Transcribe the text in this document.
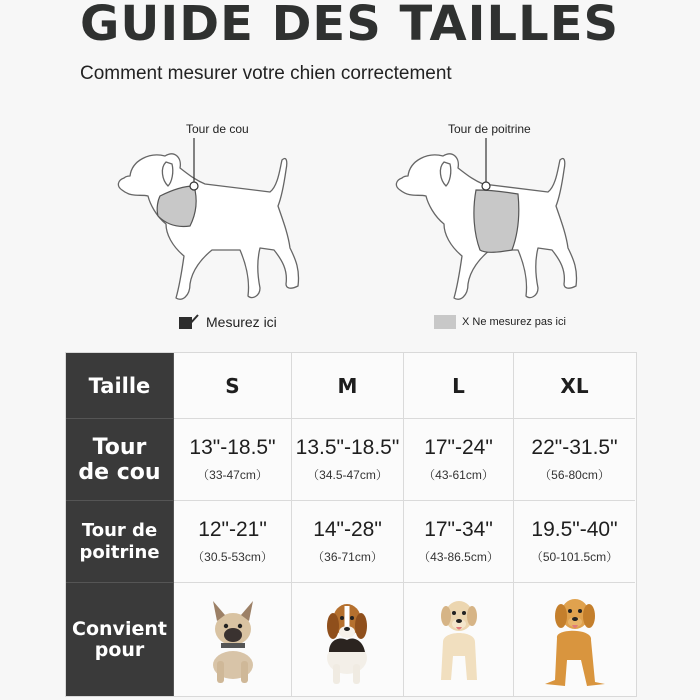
GUIDE DES TAILLES
Comment mesurer votre chien correctement
Tour de cou	Tour de poitrine
Mesurez ici	X Ne mesurez pas ici
Taille
Tour
de cou
Tour de
poitrine
Convient
pour
S
13"-18.5"
（33-47cm）
12"-21"
（30.5-53cm）
M
13.5"-18.5"
（34.5-47cm）
14"-28"
（36-71cm）
L
17"-24"
（43-61cm）
17"-34"
（43-86.5cm）
XL
22"-31.5"
（56-80cm）
19.5"-40"
（50-101.5cm）
